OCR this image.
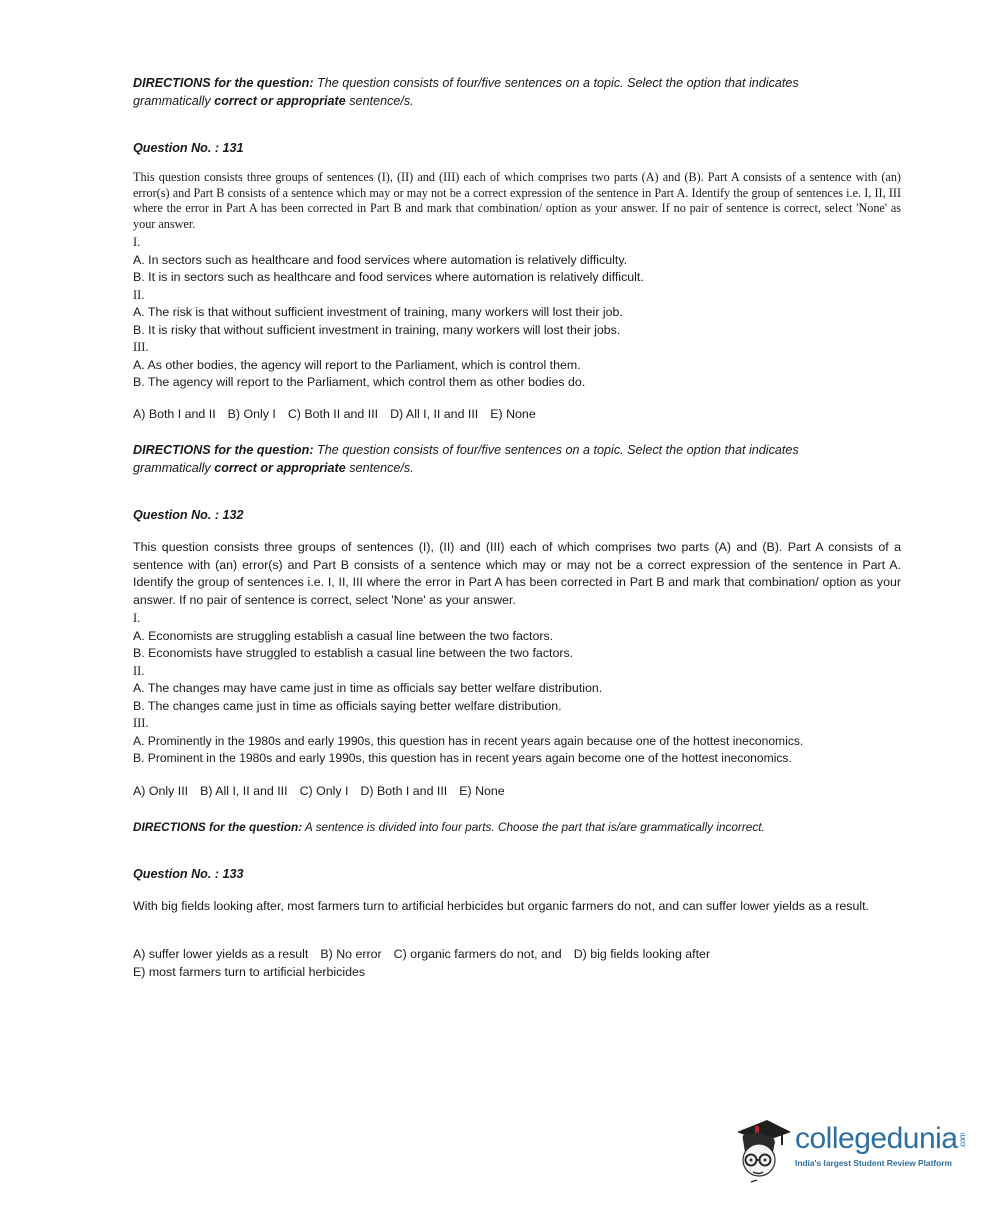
DIRECTIONS for the question: The question consists of four/five sentences on a topic. Select the option that indicates grammatically correct or appropriate sentence/s.
Question No. : 131
This question consists three groups of sentences (I), (II) and (III) each of which comprises two parts (A) and (B). Part A consists of a sentence with (an) error(s) and Part B consists of a sentence which may or may not be a correct expression of the sentence in Part A. Identify the group of sentences i.e. I, II, III where the error in Part A has been corrected in Part B and mark that combination/ option as your answer. If no pair of sentence is correct, select 'None' as your answer.
I.
A. In sectors such as healthcare and food services where automation is relatively difficulty.
B. It is in sectors such as healthcare and food services where automation is relatively difficult.
II.
A. The risk is that without sufficient investment of training, many workers will lost their job.
B. It is risky that without sufficient investment in training, many workers will lost their jobs.
III.
A. As other bodies, the agency will report to the Parliament, which is control them.
B. The agency will report to the Parliament, which control them as other bodies do.
A) Both I and II B) Only I C) Both II and III D) All I, II and III E) None
DIRECTIONS for the question: The question consists of four/five sentences on a topic. Select the option that indicates grammatically correct or appropriate sentence/s.
Question No. : 132
This question consists three groups of sentences (I), (II) and (III) each of which comprises two parts (A) and (B). Part A consists of a sentence with (an) error(s) and Part B consists of a sentence which may or may not be a correct expression of the sentence in Part A. Identify the group of sentences i.e. I, II, III where the error in Part A has been corrected in Part B and mark that combination/ option as your answer. If no pair of sentence is correct, select 'None' as your answer.
I.
A. Economists are struggling establish a casual line between the two factors.
B. Economists have struggled to establish a casual line between the two factors.
II.
A. The changes may have came just in time as officials say better welfare distribution.
B. The changes came just in time as officials saying better welfare distribution.
III.
A. Prominently in the 1980s and early 1990s, this question has in recent years again because one of the hottest ineconomics.
B. Prominent in the 1980s and early 1990s, this question has in recent years again become one of the hottest ineconomics.
A) Only III B) All I, II and III C) Only I D) Both I and III E) None
DIRECTIONS for the question: A sentence is divided into four parts. Choose the part that is/are grammatically incorrect.
Question No. : 133
With big fields looking after, most farmers turn to artificial herbicides but organic farmers do not, and can suffer lower yields as a result.
A) suffer lower yields as a result B) No error C) organic farmers do not, and D) big fields looking after
E) most farmers turn to artificial herbicides
collegedunia.com
India's largest Student Review Platform
